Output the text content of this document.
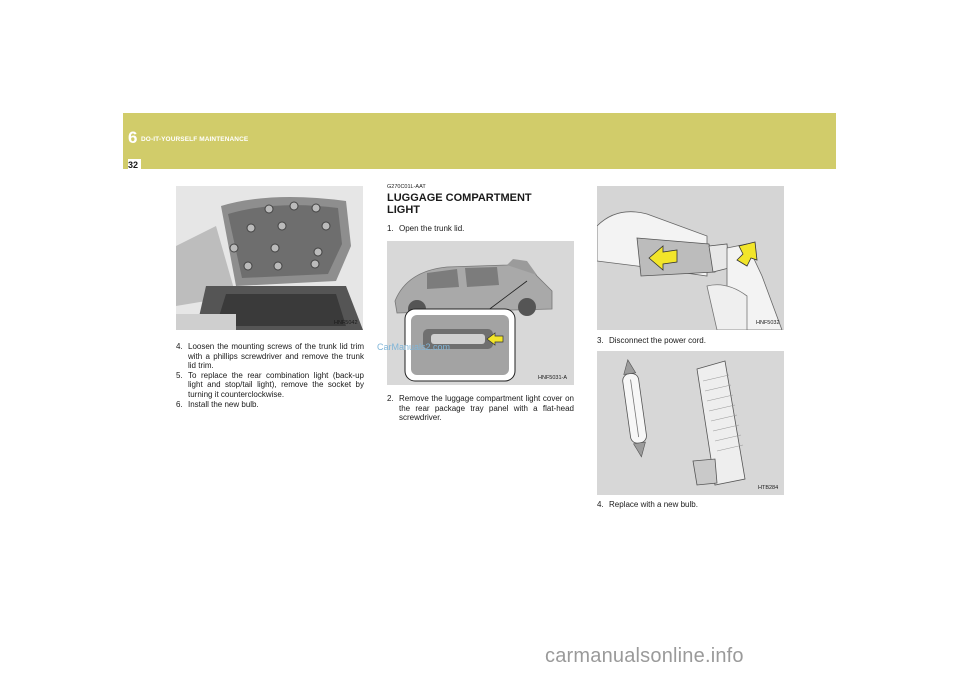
6 DO-IT-YOURSELF MAINTENANCE
32
HNF5042
4. Loosen the mounting screws of the trunk lid trim with a phillips screwdriver and remove the trunk lid trim.
5. To replace the rear combination light (back-up light and stop/tail light), remove the socket by turning it counterclockwise.
6. Install the new bulb.
G270C01L-AAT
LUGGAGE COMPARTMENT LIGHT
1. Open the trunk lid.
HNF5031-A
CarManuals2.com
2. Remove the luggage compartment light cover on the rear package tray panel with a flat-head screwdriver.
HNF5032
3. Disconnect the power cord.
HTB284
4. Replace with a new bulb.
carmanualsonline.info
